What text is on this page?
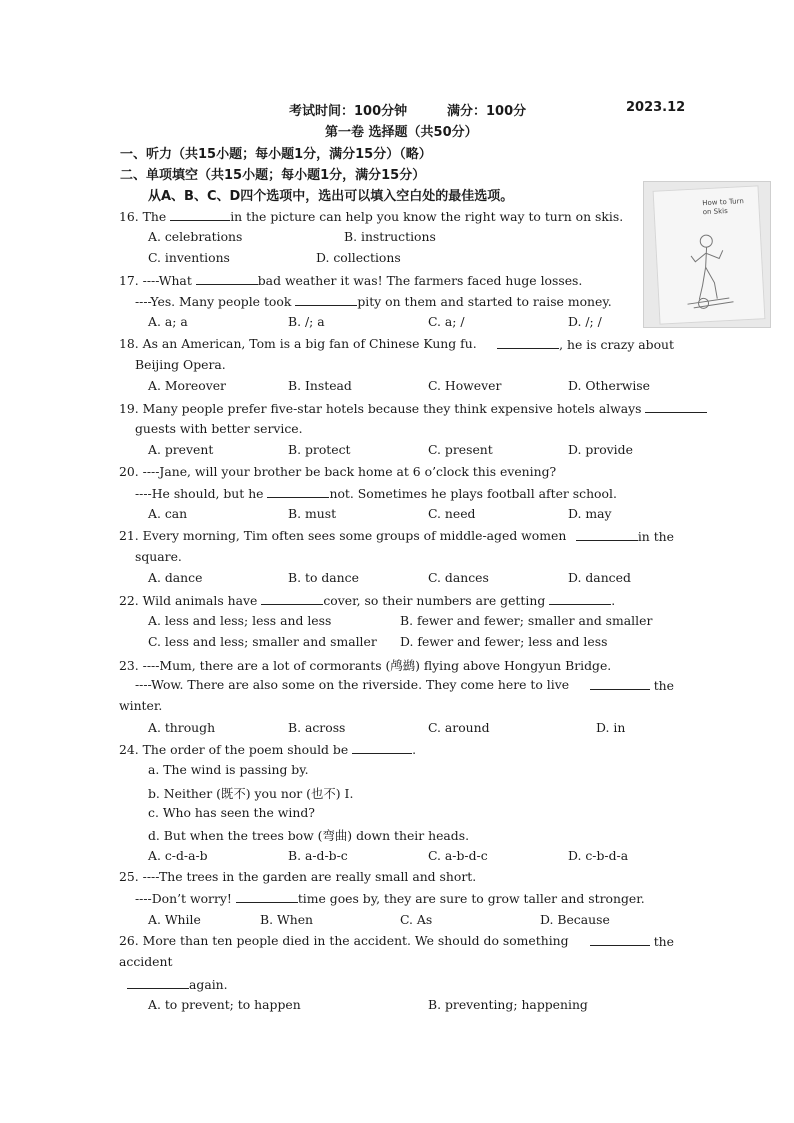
考试时间：100分钟	满分：100分	2023.12
第一卷 选择题（共50分）
一、听力（共15小题；每小题1分，满分15分）（略）
二、单项填空（共15小题；每小题1分，满分15分）
从A、B、C、D四个选项中，选出可以填入空白处的最佳选项。	How to Turn on Skis
16. The	in the picture can help you know the right way to turn on skis.
A. celebrations	B. instructions
C. inventions	D. collections
17. ----What	bad weather it was! The farmers faced huge losses.
----Yes. Many people took	pity on them and started to raise money.
A. a; a	B. /; a	C. a; /	D. /; /
18. As an American, Tom is a big fan of Chinese Kung fu.	, he is crazy about
Beijing Opera.
A. Moreover	B. Instead	C. However	D. Otherwise
19. Many people prefer five-star hotels because they think expensive hotels always
guests with better service.
A. prevent	B. protect	C. present	D. provide
20. ----Jane, will your brother be back home at 6 o’clock this evening?
----He should, but he	not. Sometimes he plays football after school.
A. can	B. must	C. need	D. may
21. Every morning, Tim often sees some groups of middle-aged women	in the
square.
A. dance	B. to dance	C. dances	D. danced
22. Wild animals have	cover, so their numbers are getting	.
A. less and less; less and less	B. fewer and fewer; smaller and smaller
C. less and less; smaller and smaller D. fewer and fewer; less and less
23. ----Mum, there are a lot of cormorants (鸬鹚) flying above Hongyun Bridge.
----Wow. There are also some on the riverside. They come here to live	the
winter.
A. through	B. across	C. around	D. in
24. The order of the poem should be	.
a. The wind is passing by.
b. Neither (既不) you nor (也不) I.
c. Who has seen the wind?
d. But when the trees bow (弯曲) down their heads.
A. c-d-a-b	B. a-d-b-c	C. a-b-d-c	D. c-b-d-a
25. ----The trees in the garden are really small and short.
----Don’t worry!	time goes by, they are sure to grow taller and stronger.
A. While	B. When	C. As	D. Because
26. More than ten people died in the accident. We should do something	the
accident
again.
A. to prevent; to happen	B. preventing; happening
